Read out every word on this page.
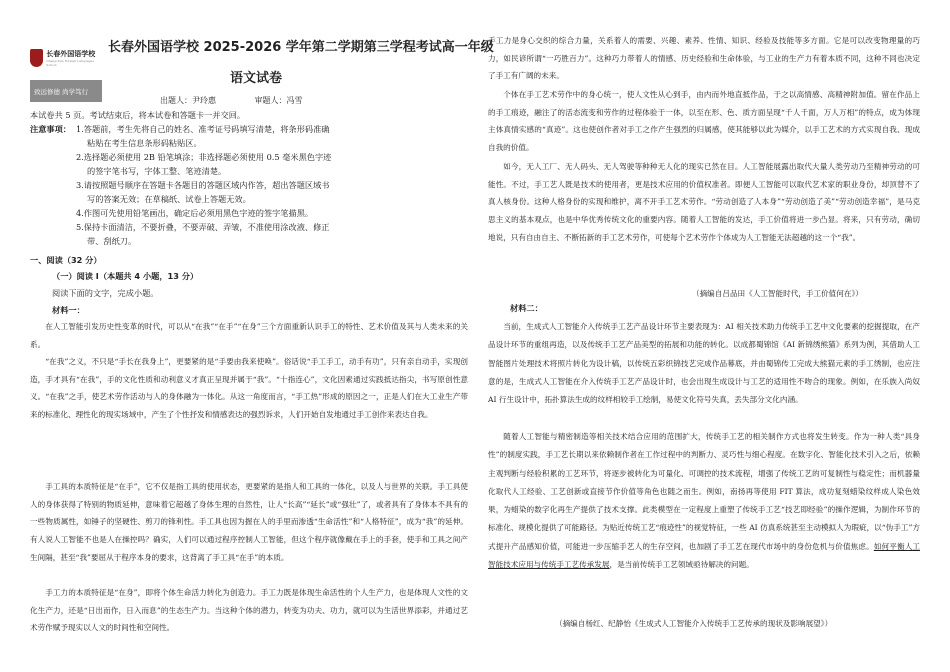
长春外国语学校
Changchun Foreign Languages School
致远修德 尚学笃行
长春外国语学校 2025-2026 学年第二学期第三学程考试高一年级
语文试卷
出题人：尹玲惠	审题人：冯雪
本试卷共 5 页。考试结束后，将本试卷和答题卡一并交回。
注意事项： 1.答题前，考生先将自己的姓名、准考证号码填写清楚，将条形码准确
粘贴在考生信息条形码粘贴区。
2.选择题必须使用 2B 铅笔填涂；非选择题必须使用 0.5 毫米黑色字迹
的签字笔书写，字体工整、笔迹清楚。
3.请按照题号顺序在答题卡各题目的答题区域内作答，超出答题区域书
写的答案无效；在草稿纸、试卷上答题无效。
4.作图可先使用铅笔画出，确定后必须用黑色字迹的签字笔描黑。
5.保持卡面清洁，不要折叠，不要弄破、弄皱，不准使用涂改液、修正
带、刮纸刀。
一、阅读（32 分）
（一）阅读 I（本题共 4 小题，13 分）
阅读下面的文字，完成小题。
材料一：
在人工智能引发历史性变革的时代，可以从“在我”“在手”“在身”三个方面重新认识手工的特性、艺术价值及其与人类未来的关系。
“在我”之义，不只是“手长在我身上”，更要紧的是“手要由我来使唤”。俗话说“手工手工，动手有功”，只有亲自动手，实现创造，手才具有“在我”，手的文化性质和动利意义才真正呈现并属于“我”。“十指连心”，文化因素通过实践抵达指尖，书写原创性意义。“在我”之手，使艺术劳作活动与人的身体融为一体化。从这一角度而言，“手工热”形成的原因之一，正是人们在大工业生产带来的标准化、理性化的现实场域中，产生了个性抒发和情感表达的强烈诉求，人们开始自发地通过手工创作来表达自我。
手工具的本质特征是“在手”，它不仅是指工具的使用状态，更要紧的是指人和工具的一体化，以及人与世界的关联。手工具使人的身体获得了特别的物质延伸，意味着它超越了身体生理的自然性，让人“长高”“延长”或“强壮”了，或者具有了身体本不具有的一些物质属性，如锤子的坚硬性、剪刀的锋利性。手工具也因为握在人的手里而渗透“生命活性”和“人格特征”，成为“我”的延伸。有人说人工智能不也是人在操控吗？确实，人们可以通过程序控制人工智能，但这个程序就像戴在手上的手套，使手和工具之间产生间隔，甚至“我”要屈从于程序本身的要求，这背离了手工具“在手”的本质。
手工力的本质特征是“在身”，即将个体生命活力转化为创造力。手工力既是体现生命活性的个人生产力，也是体现人文性的文化生产力，还是“日出而作，日入而息”的生态生产力。当这种个体的潜力，转变为功夫、功力，就可以为生活世界添彩，并通过艺术劳作赋予现实以人文的时间性和空间性。
手工力是身心交织的综合力量，关系着人的需要、兴趣、素养、性情、知识、经验及技能等多方面。它是可以改变物理量的巧力，如民谚所谓“一巧胜百力”。这种巧力带着人的情感、历史经验和生命体验，与工业的生产力有着本质不同，这种不同也决定了手工有广阔的未来。
个体在手工艺术劳作中的身心统一，使人文性从心到手，由内而外地直抵作品，于之以高情感、高精神附加值。留在作品上的手工痕迹，融注了的活态流变和劳作的过程体验于一体，以至在形、色、质方面呈现“千人千面，万人万相”的特点，成为体现主体真情实感的“真迹”。这也使创作者对手工之作产生强烈的归属感，使其能够以此为媒介，以手工艺术的方式实现自我、现成自我的价值。
如今，无人工厂、无人码头、无人驾驶等种种无人化的现实已然在目。人工智能展露出取代大量人类劳动乃至精神劳动的可能性。不过，手工艺人既是技术的使用者，更是技术应用的价值权准者。即便人工智能可以取代艺术家的职业身份，却顶替不了真人核身份。这种人格身份的实现和维护，离不开手工艺术劳作。“劳动创造了人本身”“劳动创造了美”“劳动创造幸福”，是马克思主义的基本观点，也是中华优秀传统文化的重要内容。随着人工智能的发达，手工价值将进一步凸显。将来，只有劳动，确切地说，只有自由自主、不断拓新的手工艺术劳作，可使每个艺术劳作个体成为人工智能无法超越的这一个“我”。
（摘编自吕品田《人工智能时代，手工价值何在》）
材料二：
当前，生成式人工智能介入传统手工艺产品设计环节主要表现为：AI 相关技术助力传统手工艺中文化要素的挖掘提取，在产品设计环节的重组再造，以及传统手工艺产品美型的拓展和功能的转化。以成都蜀锦馆《AI 新锦绣熊猫》系列为例，其借助人工智能图片处理技术将照片转化为设计稿，以传统五彩织锦技艺完成作品幕底，并由蜀锦传工完成大熊猫元素的手工绣制，也应注意的是，生成式人工智能在介入传统手工艺产品设计时，也会出现生成设计与工艺的适用性不吻合的现象。例如，在乐族入尚奴 AI 行生设计中，拓扑算法生成的纹样相较手工绘制，易使文化符号失真，丢失部分文化内涵。
随着人工智能与精密制造等相关技术结合应用的范围扩大，传统手工艺的相关制作方式也将发生转变。作为一种人类“具身性”的制度实践，手工艺长期以来依赖制作者在工作过程中的判断力、灵巧性与细心程度。在数字化、智能化技术引入之后，依赖主观判断与经验积累的工艺环节，将逐步被转化为可量化、可调控的技术流程，增强了传统工艺的可复制性与稳定性；而机器量化取代人工经验、工艺创新或直接节作价值等角色也随之而生。例如，南扬再等使用 FIT 算法，成功复刻蜡染纹样成人染色效果，为蜡染的数字化再生产提供了技术支撑。此类模型在一定程度上重塑了传统手工艺“技艺即经验”的操作逻辑，为制作环节的标准化、规模化提供了可能路径。为贴近传统工艺“痕迹性”的视觉特征，一些 AI 仿真系统甚至主动模拟人为瑕疵，以“伪手工”方式提升产品感知价值，可能进一步压缩手艺人的生存空间，也加剧了手工艺在现代市场中的身份危机与价值焦虑。如何平衡人工智能技术应用与传统手工艺传承发展，是当前传统手工艺领域亟待解决的问题。
（摘编自杨红、纪静怡《生成式人工智能介入传统手工艺传承的现状及影响展望》）
